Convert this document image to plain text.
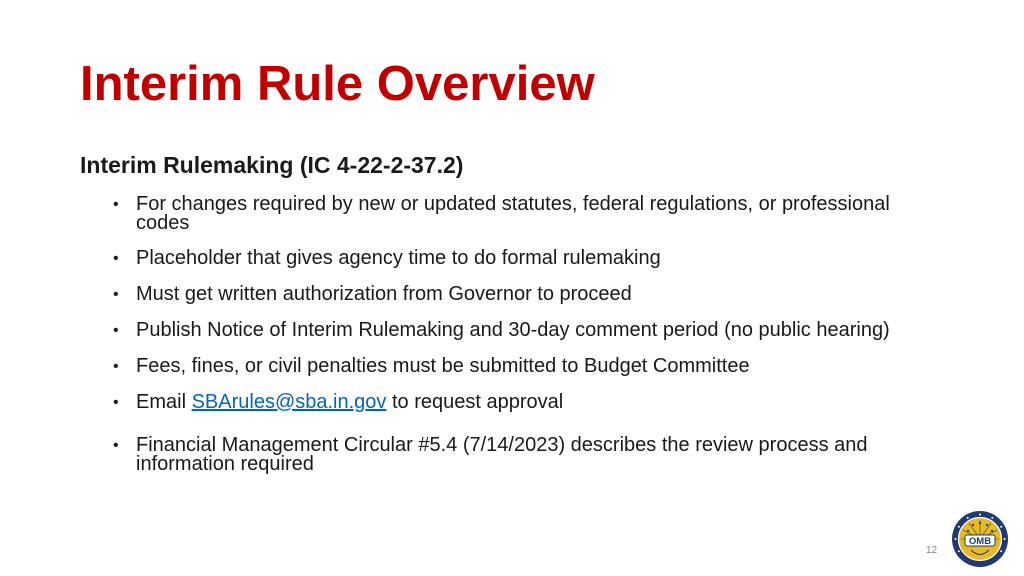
Interim Rule Overview
Interim Rulemaking (IC 4-22-2-37.2)
• For changes required by new or updated statutes, federal regulations, or professional codes
• Placeholder that gives agency time to do formal rulemaking
• Must get written authorization from Governor to proceed
• Publish Notice of Interim Rulemaking and 30-day comment period (no public hearing)
• Fees, fines, or civil penalties must be submitted to Budget Committee
• Email SBArules@sba.in.gov to request approval
• Financial Management Circular #5.4 (7/14/2023) describes the review process and information required
12
OMB
